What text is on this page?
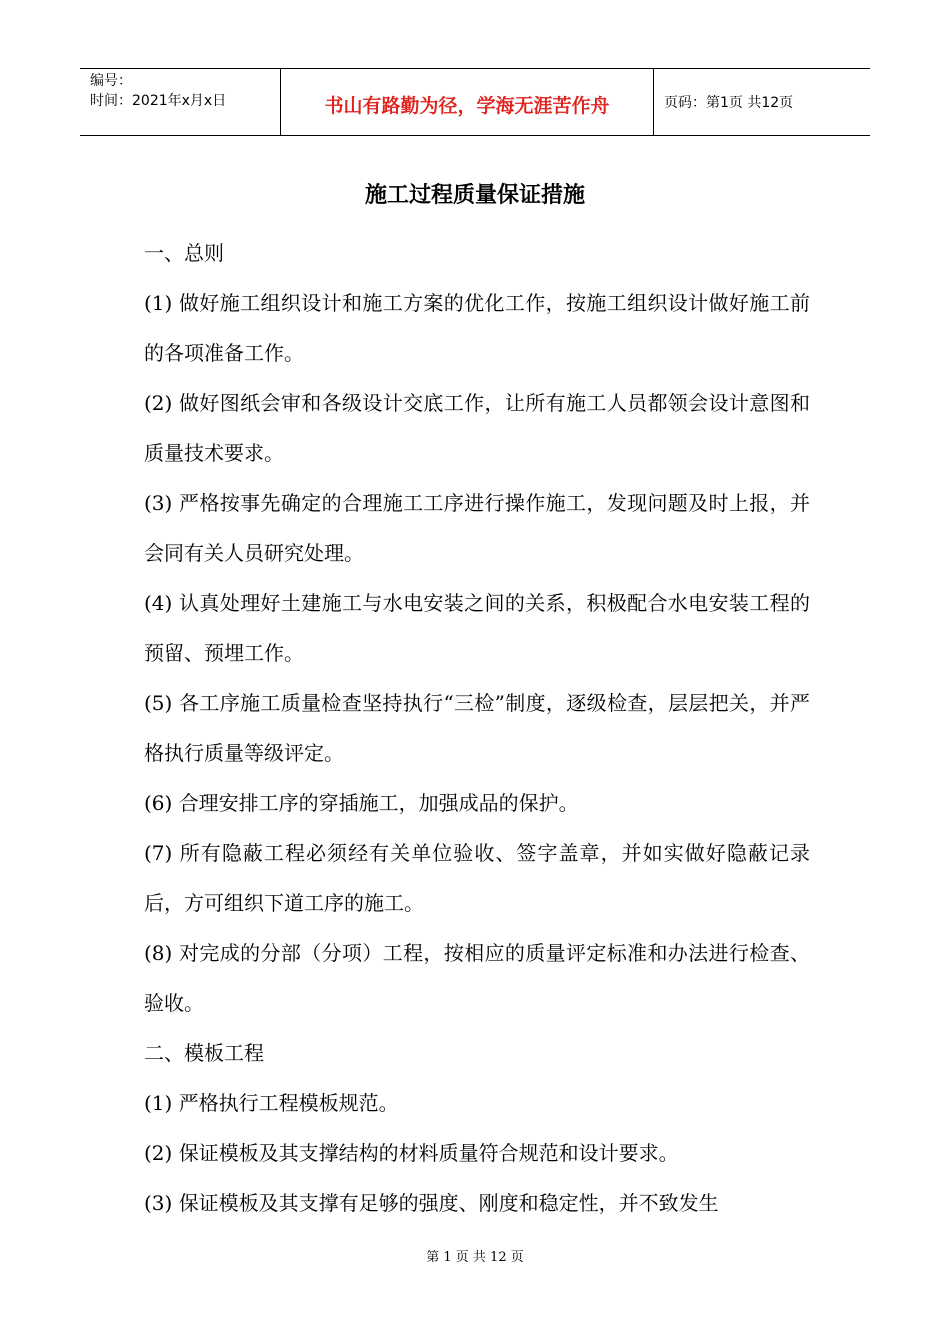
编号：
时间：2021年x月x日	书山有路勤为径，学海无涯苦作舟	页码：第1页 共12页
施工过程质量保证措施

一、总则

(1) 做好施工组织设计和施工方案的优化工作，按施工组织设计做好施工前的各项准备工作。

(2) 做好图纸会审和各级设计交底工作，让所有施工人员都领会设计意图和质量技术要求。

(3) 严格按事先确定的合理施工工序进行操作施工，发现问题及时上报，并会同有关人员研究处理。

(4) 认真处理好土建施工与水电安装之间的关系，积极配合水电安装工程的预留、预埋工作。

(5) 各工序施工质量检查坚持执行“三检”制度，逐级检查，层层把关，并严格执行质量等级评定。

(6) 合理安排工序的穿插施工，加强成品的保护。

(7) 所有隐蔽工程必须经有关单位验收、签字盖章，并如实做好隐蔽记录后，方可组织下道工序的施工。

(8) 对完成的分部（分项）工程，按相应的质量评定标准和办法进行检查、验收。

二、模板工程

(1) 严格执行工程模板规范。

(2) 保证模板及其支撑结构的材料质量符合规范和设计要求。

(3) 保证模板及其支撑有足够的强度、刚度和稳定性，并不致发生

第 1 页 共 12 页
